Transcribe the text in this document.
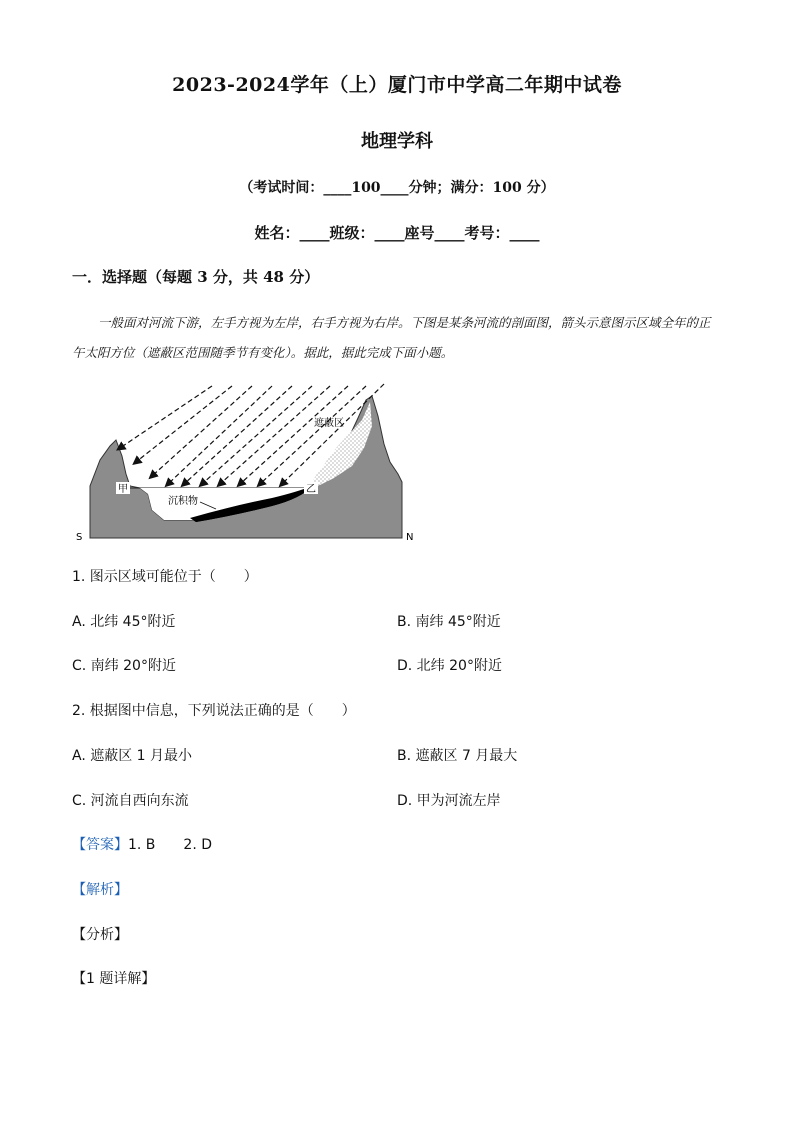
2023-2024学年（上）厦门市中学高二年期中试卷
地理学科
（考试时间：____100____分钟；满分：100 分）
姓名：____班级：____座号____考号：____
一．选择题（每题 3 分，共 48 分）
一般面对河流下游，左手方视为左岸，右手方视为右岸。下图是某条河流的剖面图，箭头示意图示区域全年的正午太阳方位（遮蔽区范围随季节有变化）。据此，据此完成下面小题。
甲	乙
遮蔽区
沉积物
S	N
1. 图示区域可能位于（　　）
A. 北纬 45°附近	B. 南纬 45°附近
C. 南纬 20°附近	D. 北纬 20°附近
2. 根据图中信息，下列说法正确的是（　　）
A. 遮蔽区 1 月最小	B. 遮蔽区 7 月最大
C. 河流自西向东流	D. 甲为河流左岸
【答案】1. B　　2. D
【解析】
【分析】
【1 题详解】
